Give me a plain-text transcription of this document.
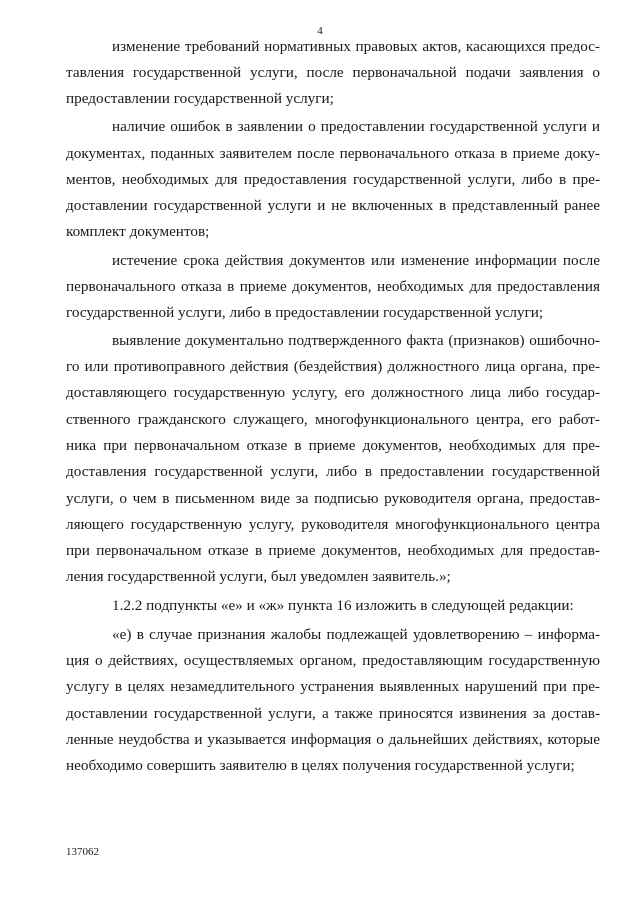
4
изменение требований нормативных правовых актов, касающихся предос-
тавления государственной услуги, после первоначальной подачи заявления о
предоставлении государственной услуги;
наличие ошибок в заявлении о предоставлении государственной услуги и
документах, поданных заявителем после первоначального отказа в приеме доку-
ментов, необходимых для предоставления государственной услуги, либо в пре-
доставлении государственной услуги и не включенных в представленный ранее
комплект документов;
истечение срока действия документов или изменение информации после
первоначального отказа в приеме документов, необходимых для предоставления
государственной услуги, либо в предоставлении государственной услуги;
выявление документально подтвержденного факта (признаков) ошибочно-
го или противоправного действия (бездействия) должностного лица органа, пре-
доставляющего государственную услугу, его должностного лица либо государ-
ственного гражданского служащего, многофункционального центра, его работ-
ника при первоначальном отказе в приеме документов, необходимых для пре-
доставления государственной услуги, либо в предоставлении государственной
услуги, о чем в письменном виде за подписью руководителя органа, предостав-
ляющего государственную услугу, руководителя многофункционального центра
при первоначальном отказе в приеме документов, необходимых для предостав-
ления государственной услуги, был уведомлен заявитель.»;
1.2.2 подпункты «е» и «ж» пункта 16 изложить в следующей редакции:
«е) в случае признания жалобы подлежащей удовлетворению – информа-
ция о действиях, осуществляемых органом, предоставляющим государственную
услугу в целях незамедлительного устранения выявленных нарушений при пре-
доставлении государственной услуги, а также приносятся извинения за достав-
ленные неудобства и указывается информация о дальнейших действиях, которые
необходимо совершить заявителю в целях получения государственной услуги;
137062
